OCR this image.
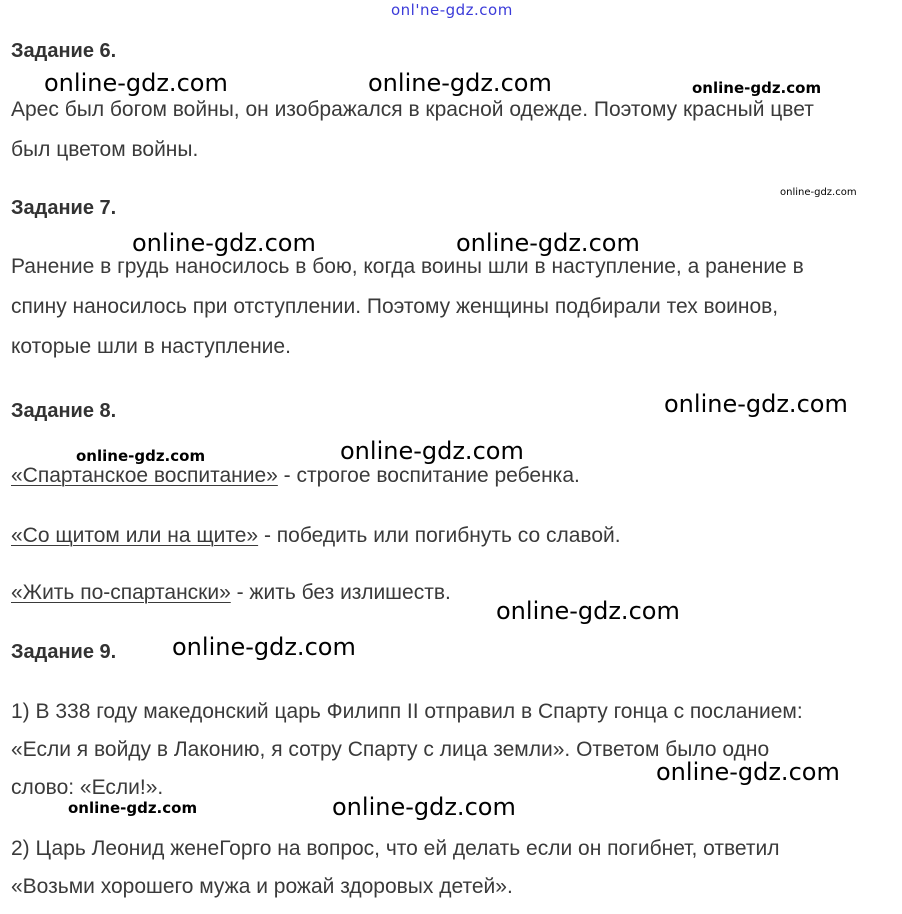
onl'ne-gdz.com
Задание 6.
Арес был богом войны, он изображался в красной одежде. Поэтому красный цвет
был цветом войны.
Задание 7.
Ранение в грудь наносилось в бою, когда воины шли в наступление, а ранение в
спину наносилось при отступлении. Поэтому женщины подбирали тех воинов,
которые шли в наступление.
Задание 8.
«Спартанское воспитание» - строгое воспитание ребенка.
«Со щитом или на щите» - победить или погибнуть со славой.
«Жить по-спартански» - жить без излишеств.
Задание 9.
1) В 338 году македонский царь Филипп II отправил в Спарту гонца с посланием:
«Если я войду в Лаконию, я сотру Спарту с лица земли». Ответом было одно
слово: «Если!».
2) Царь Леонид женеГорго на вопрос, что ей делать если он погибнет, ответил
«Возьми хорошего мужа и рожай здоровых детей».
online-gdz.com	online-gdz.com
online-gdz.com	online-gdz.com
online-gdz.com
online-gdz.com
online-gdz.com
online-gdz.com
online-gdz.com
online-gdz.com
online-gdz.com
online-gdz.com
online-gdz.com
online-gdz.com
